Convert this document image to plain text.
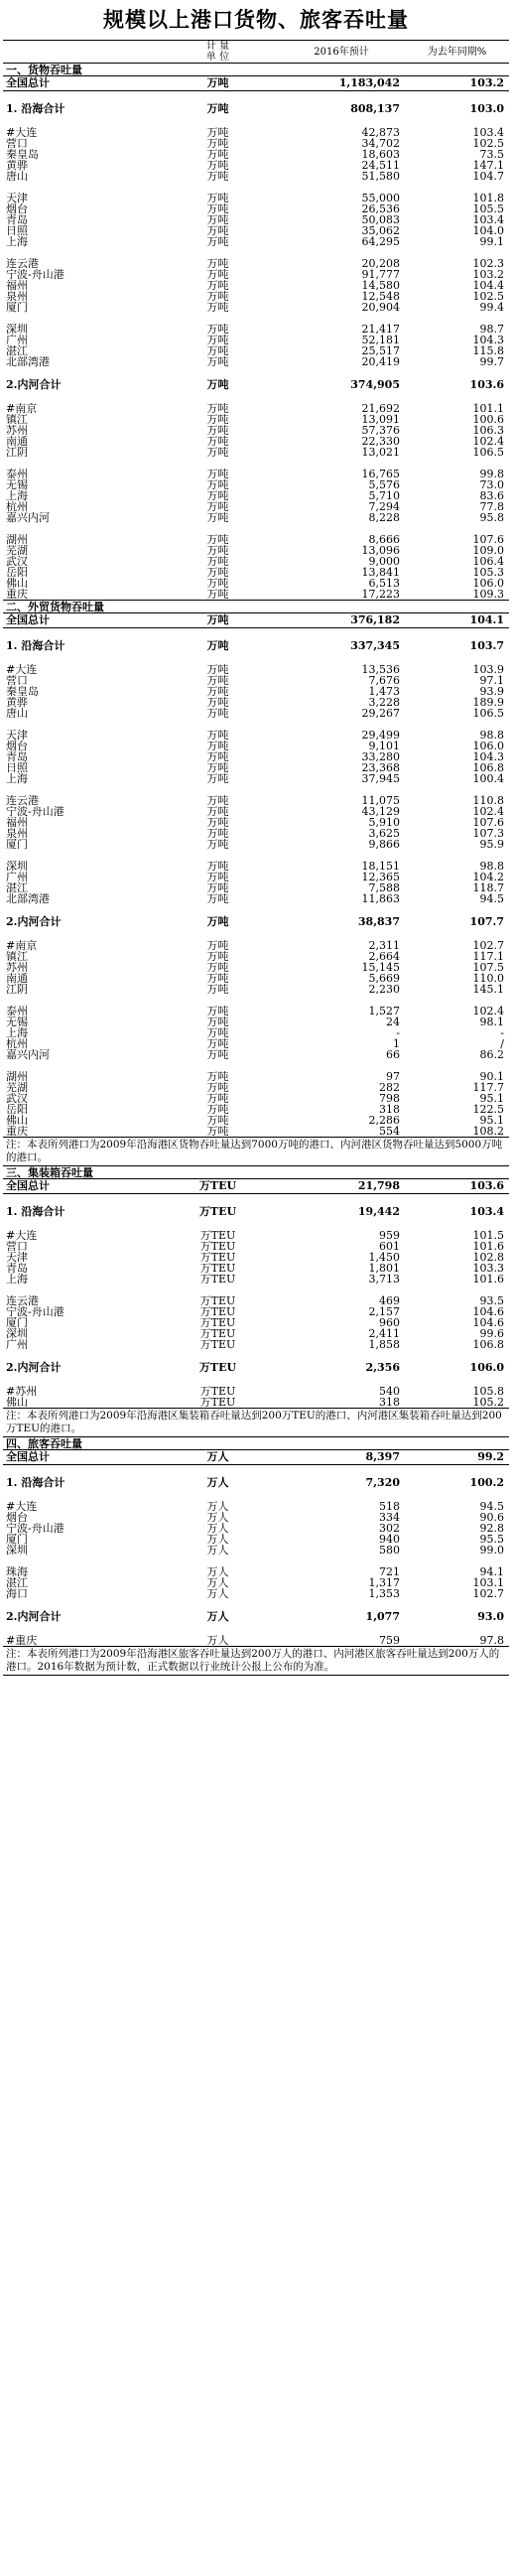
规模以上港口货物、旅客吞吐量
	计 量
单 位	2016年预计	为去年同期%
一、货物吞吐量			
全国总计	万吨	1,183,042	103.2

1. 沿海合计	万吨	808,137	103.0

#大连	万吨	42,873	103.4
营口	万吨	34,702	102.5
秦皇岛	万吨	18,603	73.5
黄骅	万吨	24,511	147.1
唐山	万吨	51,580	104.7

天津	万吨	55,000	101.8
烟台	万吨	26,536	105.5
青岛	万吨	50,083	103.4
日照	万吨	35,062	104.0
上海	万吨	64,295	99.1

连云港	万吨	20,208	102.3
宁波-舟山港	万吨	91,777	103.2
福州	万吨	14,580	104.4
泉州	万吨	12,548	102.5
厦门	万吨	20,904	99.4

深圳	万吨	21,417	98.7
广州	万吨	52,181	104.3
湛江	万吨	25,517	115.8
北部湾港	万吨	20,419	99.7

2.内河合计	万吨	374,905	103.6

#南京	万吨	21,692	101.1
镇江	万吨	13,091	100.6
苏州	万吨	57,376	106.3
南通	万吨	22,330	102.4
江阴	万吨	13,021	106.5

泰州	万吨	16,765	99.8
无锡	万吨	5,576	73.0
上海	万吨	5,710	83.6
杭州	万吨	7,294	77.8
嘉兴内河	万吨	8,228	95.8

湖州	万吨	8,666	107.6
芜湖	万吨	13,096	109.0
武汉	万吨	9,000	106.4
岳阳	万吨	13,841	105.3
佛山	万吨	6,513	106.0
重庆	万吨	17,223	109.3
二、外贸货物吞吐量			
全国总计	万吨	376,182	104.1

1. 沿海合计	万吨	337,345	103.7

#大连	万吨	13,536	103.9
营口	万吨	7,676	97.1
秦皇岛	万吨	1,473	93.9
黄骅	万吨	3,228	189.9
唐山	万吨	29,267	106.5

天津	万吨	29,499	98.8
烟台	万吨	9,101	106.0
青岛	万吨	33,280	104.3
日照	万吨	23,368	106.8
上海	万吨	37,945	100.4

连云港	万吨	11,075	110.8
宁波-舟山港	万吨	43,129	102.4
福州	万吨	5,910	107.6
泉州	万吨	3,625	107.3
厦门	万吨	9,866	95.9

深圳	万吨	18,151	98.8
广州	万吨	12,365	104.2
湛江	万吨	7,588	118.7
北部湾港	万吨	11,863	94.5

2.内河合计	万吨	38,837	107.7

#南京	万吨	2,311	102.7
镇江	万吨	2,664	117.1
苏州	万吨	15,145	107.5
南通	万吨	5,669	110.0
江阴	万吨	2,230	145.1

泰州	万吨	1,527	102.4
无锡	万吨	24	98.1
上海	万吨	-	-
杭州	万吨	1	/
嘉兴内河	万吨	66	86.2

湖州	万吨	97	90.1
芜湖	万吨	282	117.7
武汉	万吨	798	95.1
岳阳	万吨	318	122.5
佛山	万吨	2,286	95.1
重庆	万吨	554	108.2
注：本表所列港口为2009年沿海港区货物吞吐量达到7000万吨的港口、内河港区货物吞吐量达到5000万吨的港口。			
三、集装箱吞吐量			
全国总计	万TEU	21,798	103.6

1. 沿海合计	万TEU	19,442	103.4

#大连	万TEU	959	101.5
营口	万TEU	601	101.6
天津	万TEU	1,450	102.8
青岛	万TEU	1,801	103.3
上海	万TEU	3,713	101.6

连云港	万TEU	469	93.5
宁波-舟山港	万TEU	2,157	104.6
厦门	万TEU	960	104.6
深圳	万TEU	2,411	99.6
广州	万TEU	1,858	106.8

2.内河合计	万TEU	2,356	106.0

#苏州	万TEU	540	105.8
佛山	万TEU	318	105.2
注：本表所列港口为2009年沿海港区集装箱吞吐量达到200万TEU的港口、内河港区集装箱吞吐量达到200万TEU的港口。			
四、旅客吞吐量			
全国总计	万人	8,397	99.2

1. 沿海合计	万人	7,320	100.2

#大连	万人	518	94.5
烟台	万人	334	90.6
宁波-舟山港	万人	302	92.8
厦门	万人	940	95.5
深圳	万人	580	99.0

珠海	万人	721	94.1
湛江	万人	1,317	103.1
海口	万人	1,353	102.7

2.内河合计	万人	1,077	93.0

#重庆	万人	759	97.8
注：本表所列港口为2009年沿海港区旅客吞吐量达到200万人的港口、内河港区旅客吞吐量达到200万人的港口。2016年数据为预计数，正式数据以行业统计公报上公布的为准。			
